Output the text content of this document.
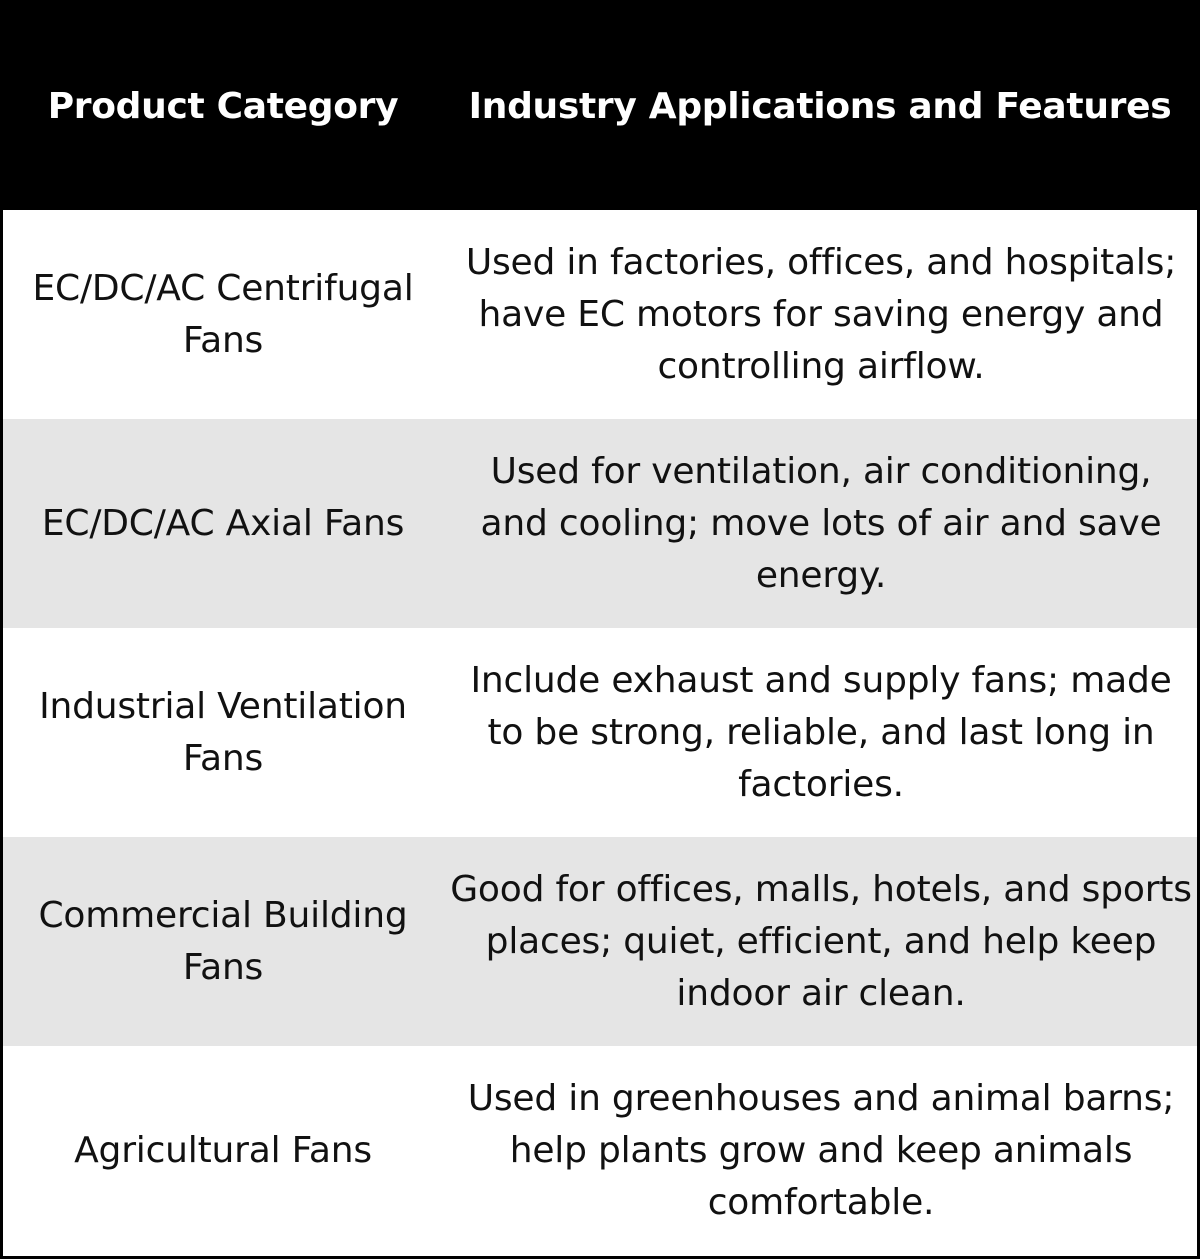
Product Category	Industry Applications and Features
EC/DC/AC Centrifugal
Fans
Used in factories, offices, and hospitals;
have EC motors for saving energy and
controlling airflow.
EC/DC/AC Axial Fans
Used for ventilation, air conditioning,
and cooling; move lots of air and save
energy.
Industrial Ventilation
Fans
Include exhaust and supply fans; made
to be strong, reliable, and last long in
factories.
Commercial Building
Fans
Good for offices, malls, hotels, and sports
places; quiet, efficient, and help keep
indoor air clean.
Agricultural Fans
Used in greenhouses and animal barns;
help plants grow and keep animals
comfortable.
